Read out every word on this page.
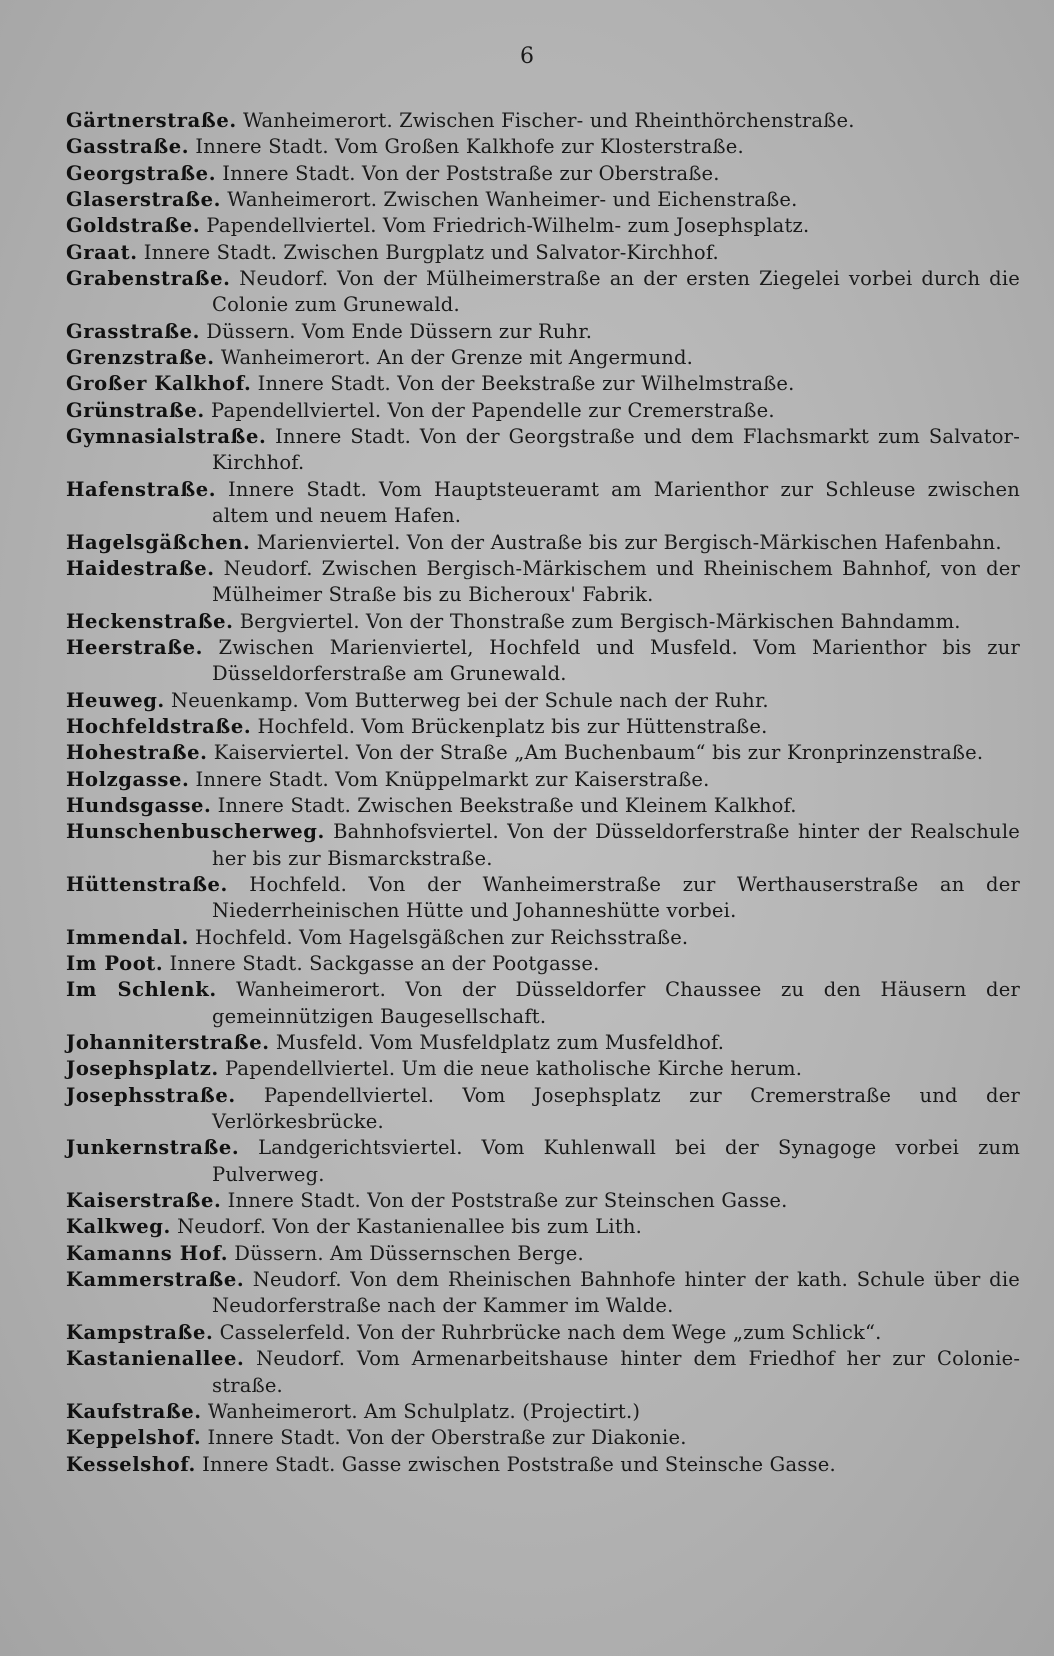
6
Gärtnerstraße. Wanheimerort. Zwischen Fischer- und Rheinthörchenstraße.
Gasstraße. Innere Stadt. Vom Großen Kalkhofe zur Klosterstraße.
Georgstraße. Innere Stadt. Von der Poststraße zur Oberstraße.
Glaserstraße. Wanheimerort. Zwischen Wanheimer- und Eichenstraße.
Goldstraße. Papendellviertel. Vom Friedrich-Wilhelm- zum Josephsplatz.
Graat. Innere Stadt. Zwischen Burgplatz und Salvator-Kirchhof.
Grabenstraße. Neudorf. Von der Mülheimerstraße an der ersten Ziegelei vorbei durch die Colonie zum Grunewald.
Grasstraße. Düssern. Vom Ende Düssern zur Ruhr.
Grenzstraße. Wanheimerort. An der Grenze mit Angermund.
Großer Kalkhof. Innere Stadt. Von der Beekstraße zur Wilhelmstraße.
Grünstraße. Papendellviertel. Von der Papendelle zur Cremerstraße.
Gymnasialstraße. Innere Stadt. Von der Georgstraße und dem Flachsmarkt zum Salvator-Kirchhof.
Hafenstraße. Innere Stadt. Vom Hauptsteueramt am Marienthor zur Schleuse zwischen altem und neuem Hafen.
Hagelsgäßchen. Marienviertel. Von der Austraße bis zur Bergisch-Märkischen Hafenbahn.
Haidestraße. Neudorf. Zwischen Bergisch-Märkischem und Rheinischem Bahnhof, von der Mülheimer Straße bis zu Bicheroux' Fabrik.
Heckenstraße. Bergviertel. Von der Thonstraße zum Bergisch-Märkischen Bahndamm.
Heerstraße. Zwischen Marienviertel, Hochfeld und Musfeld. Vom Marienthor bis zur Düsseldorferstraße am Grunewald.
Heuweg. Neuenkamp. Vom Butterweg bei der Schule nach der Ruhr.
Hochfeldstraße. Hochfeld. Vom Brückenplatz bis zur Hüttenstraße.
Hohestraße. Kaiserviertel. Von der Straße „Am Buchenbaum“ bis zur Kronprinzenstraße.
Holzgasse. Innere Stadt. Vom Knüppelmarkt zur Kaiserstraße.
Hundsgasse. Innere Stadt. Zwischen Beekstraße und Kleinem Kalkhof.
Hunschenbuscherweg. Bahnhofsviertel. Von der Düsseldorferstraße hinter der Realschule her bis zur Bismarckstraße.
Hüttenstraße. Hochfeld. Von der Wanheimerstraße zur Werthauserstraße an der Niederrheinischen Hütte und Johanneshütte vorbei.
Immendal. Hochfeld. Vom Hagelsgäßchen zur Reichsstraße.
Im Poot. Innere Stadt. Sackgasse an der Pootgasse.
Im Schlenk. Wanheimerort. Von der Düsseldorfer Chaussee zu den Häusern der gemeinnützigen Baugesellschaft.
Johanniterstraße. Musfeld. Vom Musfeldplatz zum Musfeldhof.
Josephsplatz. Papendellviertel. Um die neue katholische Kirche herum.
Josephsstraße. Papendellviertel. Vom Josephsplatz zur Cremerstraße und der Verlörkesbrücke.
Junkernstraße. Landgerichtsviertel. Vom Kuhlenwall bei der Synagoge vorbei zum Pulverweg.
Kaiserstraße. Innere Stadt. Von der Poststraße zur Steinschen Gasse.
Kalkweg. Neudorf. Von der Kastanienallee bis zum Lith.
Kamanns Hof. Düssern. Am Düssernschen Berge.
Kammerstraße. Neudorf. Von dem Rheinischen Bahnhofe hinter der kath. Schule über die Neudorferstraße nach der Kammer im Walde.
Kampstraße. Casselerfeld. Von der Ruhrbrücke nach dem Wege „zum Schlick“.
Kastanienallee. Neudorf. Vom Armenarbeitshause hinter dem Friedhof her zur Coloniestraße.
Kaufstraße. Wanheimerort. Am Schulplatz. (Projectirt.)
Keppelshof. Innere Stadt. Von der Oberstraße zur Diakonie.
Kesselshof. Innere Stadt. Gasse zwischen Poststraße und Steinsche Gasse.
